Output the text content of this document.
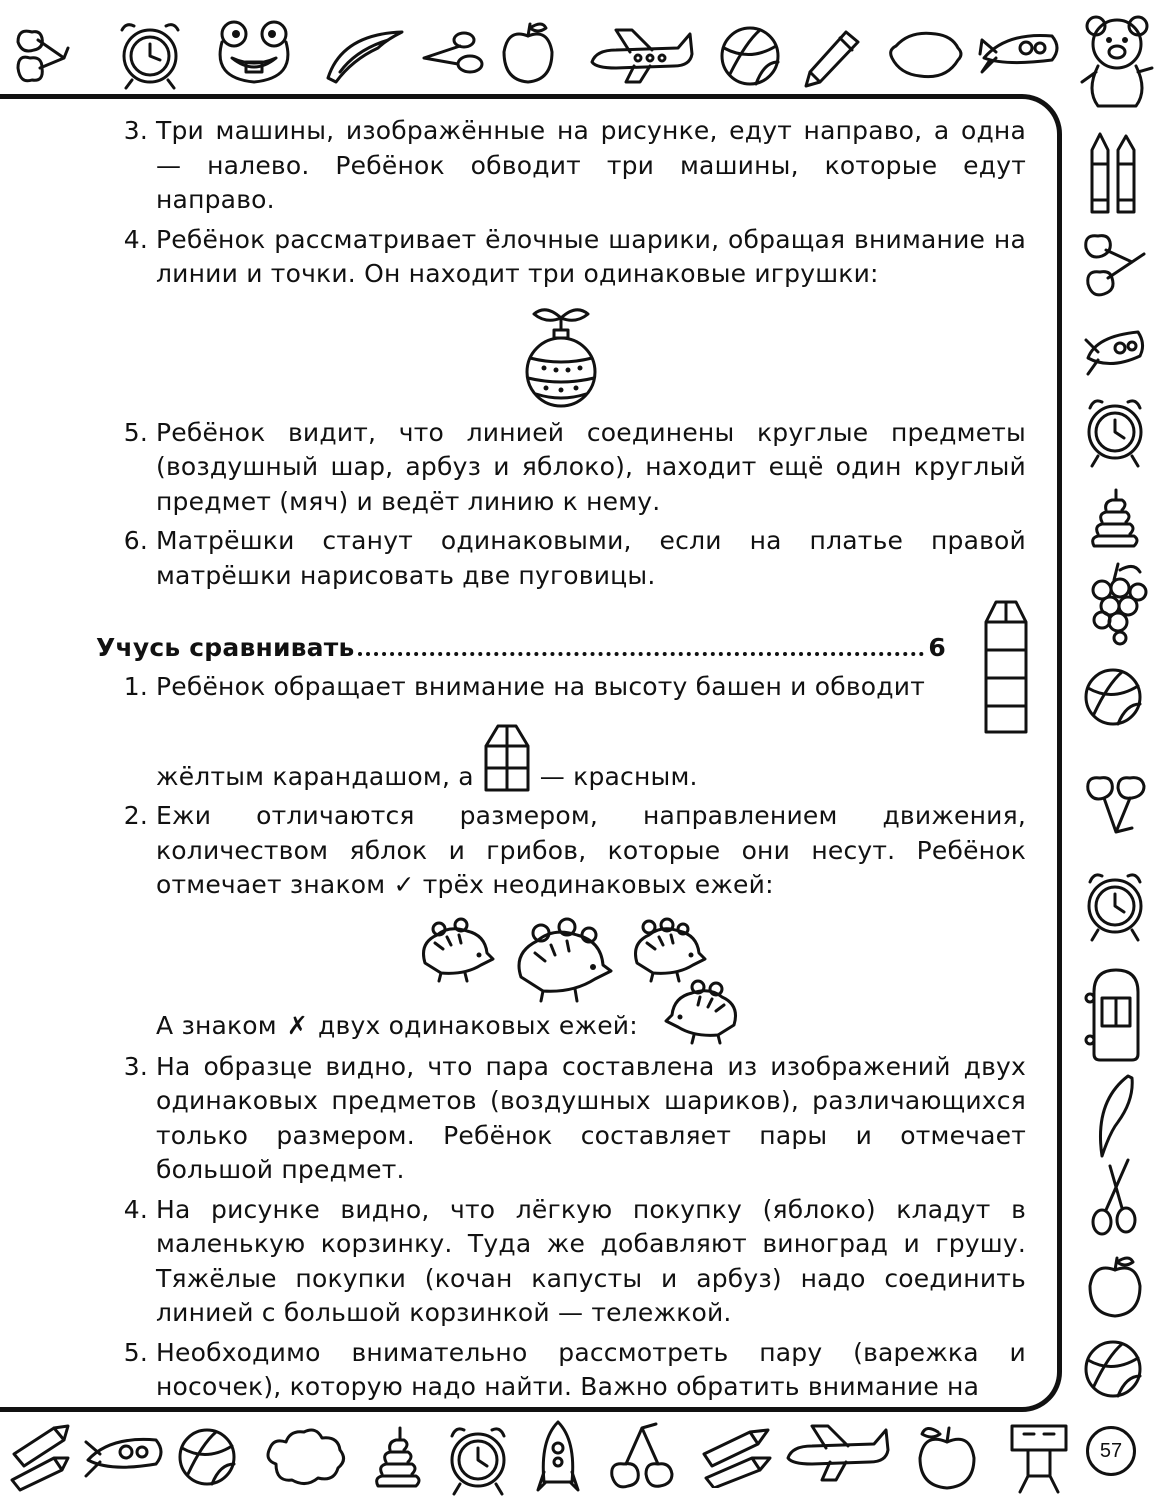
3. Три машины, изображённые на рисунке, едут направо, а одна — налево. Ребёнок обводит три машины, которые едут направо.
4. Ребёнок рассматривает ёлочные шарики, обращая внимание на линии и точки. Он находит три одинаковые игрушки:
5. Ребёнок видит, что линией соединены круглые предметы (воздушный шар, арбуз и яблоко), находит ещё один круглый предмет (мяч) и ведёт линию к нему.
6. Матрёшки станут одинаковыми, если на платье правой матрёшки нарисовать две пуговицы.
Учусь сравнивать	6
1. Ребёнок обращает внимание на высоту башен и обводит
жёлтым карандашом, а	— красным.
2. Ежи отличаются размером, направлением движения, количеством яблок и грибов, которые они несут. Ребёнок отмечает знаком ✓ трёх неодинаковых ежей:
А знаком ✗ двух одинаковых ежей:
3. На образце видно, что пара составлена из изображений двух одинаковых предметов (воздушных шариков), различающихся только размером. Ребёнок составляет пары и отмечает большой предмет.
4. На рисунке видно, что лёгкую покупку (яблоко) кладут в маленькую корзинку. Туда же добавляют виноград и грушу. Тяжёлые покупки (кочан капусты и арбуз) надо соединить линией с большой корзинкой — тележкой.
5. Необходимо внимательно рассмотреть пару (варежка и носочек), которую надо найти. Важно обратить внимание на
57
